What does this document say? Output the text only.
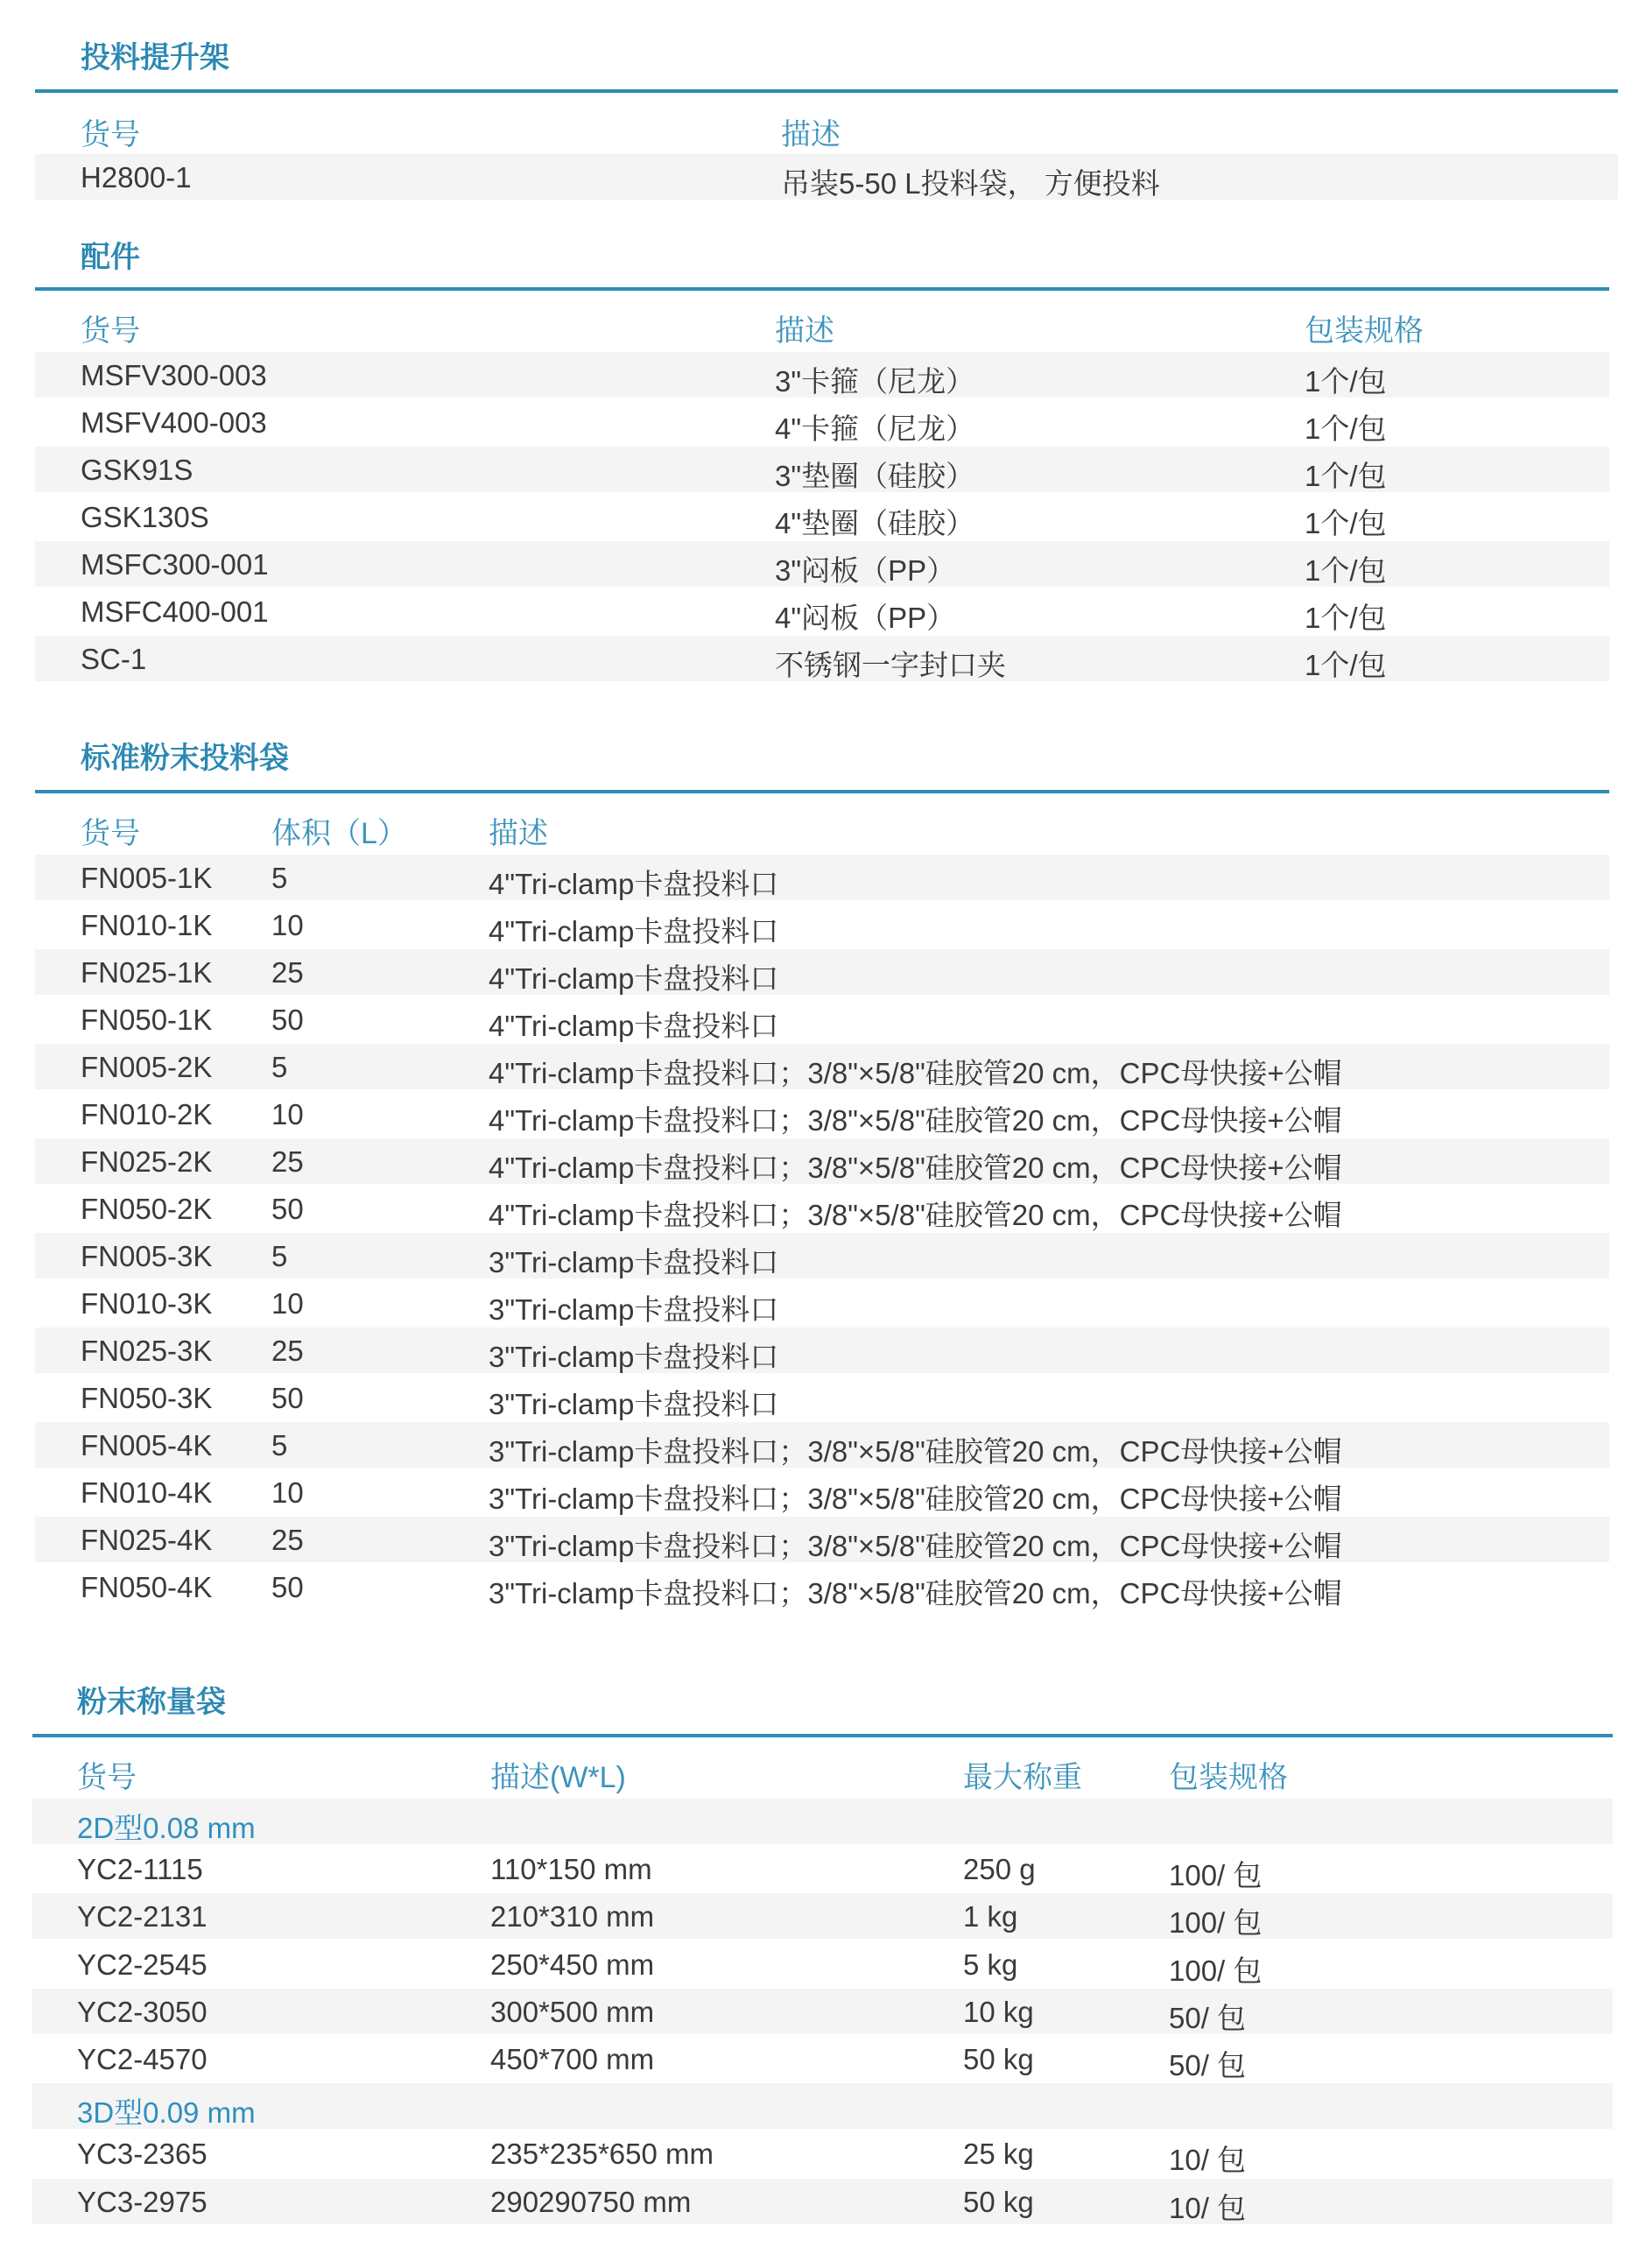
投料提升架
货号	描述
H2800-1	吊装5-50 L投料袋， 方便投料
配件
货号	描述	包装规格
MSFV300-003	3"卡箍（尼龙）	1个/包
MSFV400-003	4"卡箍（尼龙）	1个/包
GSK91S	3"垫圈（硅胶）	1个/包
GSK130S	4"垫圈（硅胶）	1个/包
MSFC300-001	3"闷板（PP）	1个/包
MSFC400-001	4"闷板（PP）	1个/包
SC-1	不锈钢一字封口夹	1个/包
标准粉末投料袋
货号	体积（L）	描述
FN005-1K 5	4"Tri-clamp卡盘投料口
FN010-1K 10	4"Tri-clamp卡盘投料口
FN025-1K 25	4"Tri-clamp卡盘投料口
FN050-1K 50	4"Tri-clamp卡盘投料口
FN005-2K 5	4"Tri-clamp卡盘投料口；3/8"×5/8"硅胶管20 cm，CPC母快接+公帽
FN010-2K 10	4"Tri-clamp卡盘投料口；3/8"×5/8"硅胶管20 cm，CPC母快接+公帽
FN025-2K 25	4"Tri-clamp卡盘投料口；3/8"×5/8"硅胶管20 cm，CPC母快接+公帽
FN050-2K 50	4"Tri-clamp卡盘投料口；3/8"×5/8"硅胶管20 cm，CPC母快接+公帽
FN005-3K 5	3"Tri-clamp卡盘投料口
FN010-3K 10	3"Tri-clamp卡盘投料口
FN025-3K 25	3"Tri-clamp卡盘投料口
FN050-3K 50	3"Tri-clamp卡盘投料口
FN005-4K 5	3"Tri-clamp卡盘投料口；3/8"×5/8"硅胶管20 cm，CPC母快接+公帽
FN010-4K 10	3"Tri-clamp卡盘投料口；3/8"×5/8"硅胶管20 cm，CPC母快接+公帽
FN025-4K 25	3"Tri-clamp卡盘投料口；3/8"×5/8"硅胶管20 cm，CPC母快接+公帽
FN050-4K 50	3"Tri-clamp卡盘投料口；3/8"×5/8"硅胶管20 cm，CPC母快接+公帽
粉末称量袋
货号	描述(W*L)	最大称重	包装规格
2D型0.08 mm
YC2-1115	110*150 mm	250 g	100/ 包
YC2-2131	210*310 mm	1 kg	100/ 包
YC2-2545	250*450 mm	5 kg	100/ 包
YC2-3050	300*500 mm	10 kg	50/ 包
YC2-4570	450*700 mm	50 kg	50/ 包
3D型0.09 mm
YC3-2365	235*235*650 mm	25 kg	10/ 包
YC3-2975	290290750 mm	50 kg	10/ 包
